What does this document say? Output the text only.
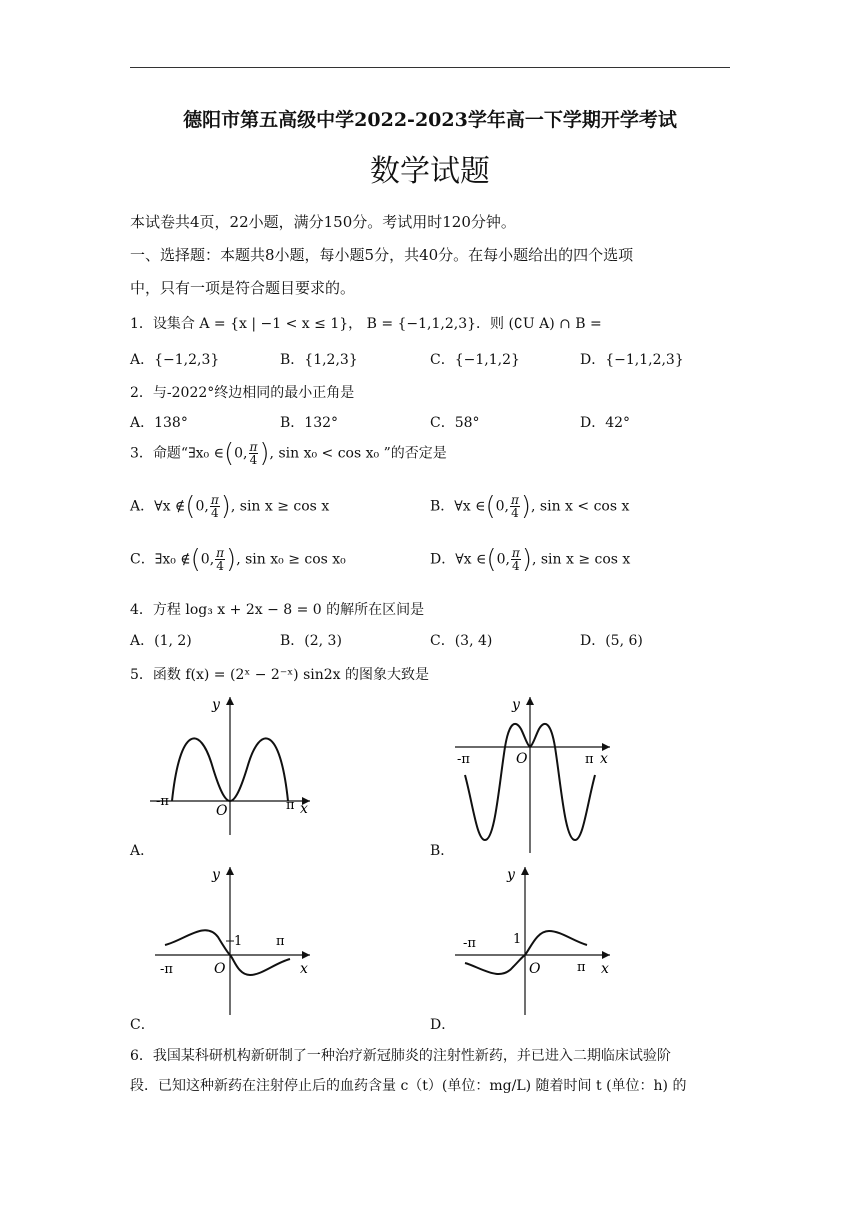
德阳市第五高级中学2022-2023学年高一下学期开学考试
数学试题
本试卷共4页，22小题，满分150分。考试用时120分钟。
一、选择题：本题共8小题，每小题5分，共40分。在每小题给出的四个选项
中，只有一项是符合题目要求的。
1．设集合 A = {x | −1 < x ≤ 1}， B = {−1,1,2,3}．则 (∁U A) ∩ B =
A．{−1,2,3}	B．{1,2,3}	C．{−1,1,2}	D．{−1,1,2,3}
2．与-2022°终边相同的最小正角是
A．138°	B．132°	C．58°	D．42°
3．命题“∃x₀ ∈(0, $\frac{\pi}{4}$ ), sin x₀ < cos x₀ ”的否定是
A．∀x ∉(0, $\frac{\pi}{4}$ ), sin x ≥ cos x	B．∀x ∈(0, $\frac{\pi}{4}$ ), sin x < cos x
C．∃x₀ ∉(0, $\frac{\pi}{4}$ ), sin x₀ ≥ cos x₀	D．∀x ∈(0, $\frac{\pi}{4}$ ), sin x ≥ cos x
4．方程 log₃ x + 2x − 8 = 0 的解所在区间是
A．(1, 2)	B．(2, 3)	C．(3, 4)	D．(5, 6)
5．函数 f(x) = (2ˣ − 2⁻ˣ) sin2x 的图象大致是
y
x
O
-π	π
A．
y
x
O
-π	π
B．
y
x
O
1
-π
π
C．
y
x
O
1
-π
π
D．
6．我国某科研机构新研制了一种治疗新冠肺炎的注射性新药，并已进入二期临床试验阶
段．已知这种新药在注射停止后的血药含量 c（t）(单位：mg/L) 随着时间 t (单位：h) 的
